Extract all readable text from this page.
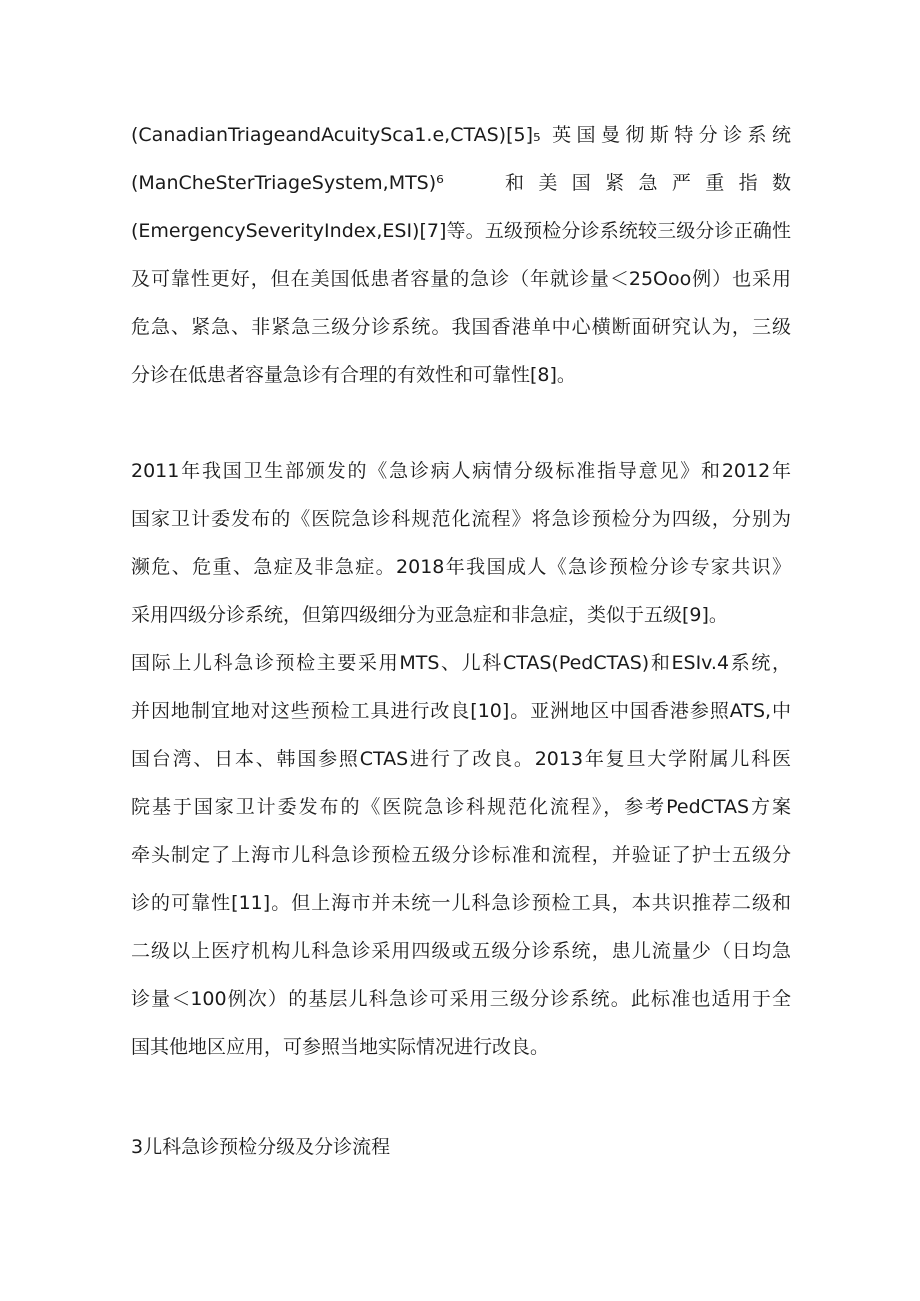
(CanadianTriageandAcuitySca1.e,CTAS)[5]₅ 英国曼彻斯特分诊系统
(ManCheSterTriageSystem,MTS)⁶   和美国紧急严重指数
(EmergencySeverityIndex,ESI)[7]等。五级预检分诊系统较三级分诊正确性
及可靠性更好，但在美国低患者容量的急诊（年就诊量＜25Ooo例）也采用
危急、紧急、非紧急三级分诊系统。我国香港单中心横断面研究认为，三级
分诊在低患者容量急诊有合理的有效性和可靠性[8]。
2011年我国卫生部颁发的《急诊病人病情分级标准指导意见》和2012年
国家卫计委发布的《医院急诊科规范化流程》将急诊预检分为四级，分别为
濒危、危重、急症及非急症。2018年我国成人《急诊预检分诊专家共识》
采用四级分诊系统，但第四级细分为亚急症和非急症，类似于五级[9]。
国际上儿科急诊预检主要采用MTS、儿科CTAS(PedCTAS)和ESIv.4系统，
并因地制宜地对这些预检工具进行改良[10]。亚洲地区中国香港参照ATS,中
国台湾、日本、韩国参照CTAS进行了改良。2013年复旦大学附属儿科医
院基于国家卫计委发布的《医院急诊科规范化流程》，参考PedCTAS方案
牵头制定了上海市儿科急诊预检五级分诊标准和流程，并验证了护士五级分
诊的可靠性[11]。但上海市并未统一儿科急诊预检工具，本共识推荐二级和
二级以上医疗机构儿科急诊采用四级或五级分诊系统，患儿流量少（日均急
诊量＜100例次）的基层儿科急诊可采用三级分诊系统。此标准也适用于全
国其他地区应用，可参照当地实际情况进行改良。
3儿科急诊预检分级及分诊流程
